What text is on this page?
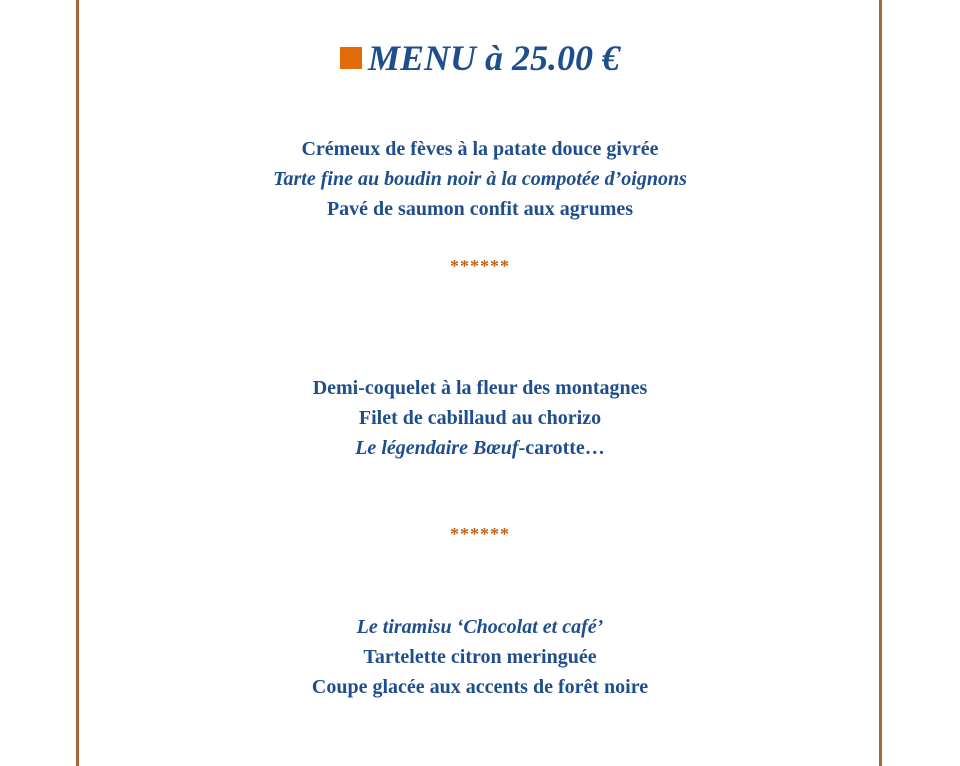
MENU à 25.00 €
Crémeux de fèves à la patate douce givrée
Tarte fine au boudin noir à la compotée d’oignons
Pavé de saumon confit aux agrumes
******
Demi-coquelet à la fleur des montagnes
Filet de cabillaud au chorizo
Le légendaire Bœuf-carotte…
******
Le tiramisu ‘Chocolat et café’
Tartelette citron meringuée
Coupe glacée aux accents de forêt noire
